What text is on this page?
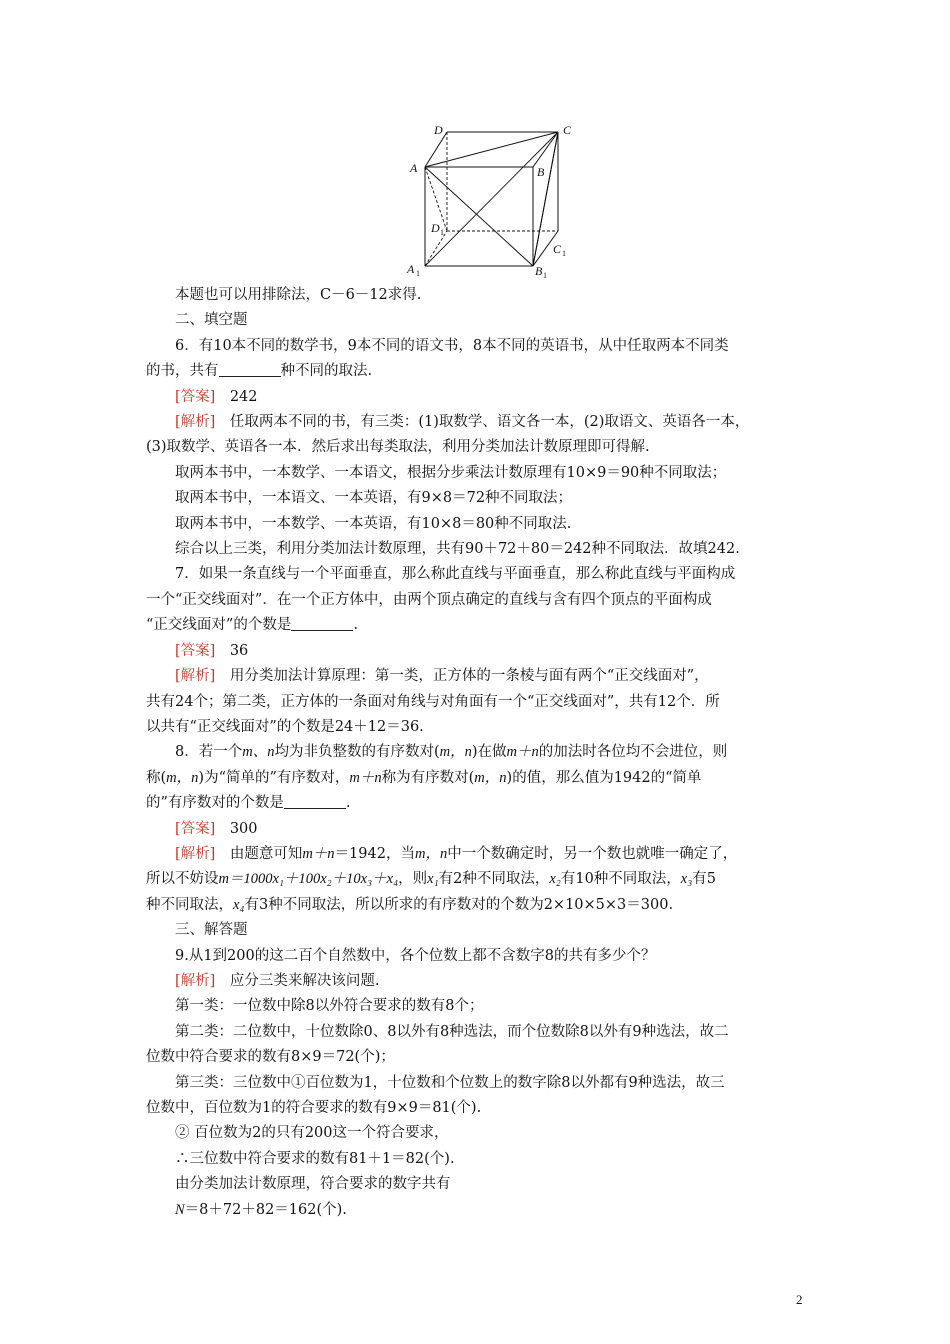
D	C
A	B
D 1
C 1
A 1	B 1

本题也可以用排除法，C－6－12求得.

二、填空题

6．有10本不同的数学书，9本不同的语文书，8本不同的英语书，从中任取两本不同类

的书，共有	种不同的取法.

[答案]　 242

[解析]　 任取两本不同的书，有三类：(1)取数学、语文各一本，(2)取语文、英语各一本，

(3)取数学、英语各一本．然后求出每类取法，利用分类加法计数原理即可得解.

取两本书中，一本数学、一本语文，根据分步乘法计数原理有10×9＝90种不同取法；

取两本书中，一本语文、一本英语，有9×8＝72种不同取法；

取两本书中，一本数学、一本英语，有10×8＝80种不同取法.

综合以上三类，利用分类加法计数原理，共有90＋72＋80＝242种不同取法．故填242.

7．如果一条直线与一个平面垂直，那么称此直线与平面垂直，那么称此直线与平面构成

一个“正交线面对”．在一个正方体中，由两个顶点确定的直线与含有四个顶点的平面构成

“正交线面对”的个数是	.

[答案]　 36

[解析]　 用分类加法计算原理：第一类，正方体的一条棱与面有两个“正交线面对”，

共有24个；第二类，正方体的一条面对角线与对角面有一个“正交线面对”，共有12个．所

以共有“正交线面对”的个数是24＋12＝36.

8．若一个m、n均为非负整数的有序数对(m，n)在做m＋n的加法时各位均不会进位，则

称(m，n)为“简单的”有序数对，m＋n称为有序数对(m，n)的值，那么值为1942的“简单

的”有序数对的个数是	.

[答案]　 300

[解析]　 由题意可知m＋n＝1942，当m，n中一个数确定时，另一个数也就唯一确定了，

所以不妨设m＝1000x₁＋100x₂＋10x₃＋x₄，则x₁有2种不同取法，x₂有10种不同取法，x₃有5

种不同取法，x₄有3种不同取法，所以所求的有序数对的个数为2×10×5×3＝300.

三、解答题

9.从1到200的这二百个自然数中，各个位数上都不含数字8的共有多少个？

[解析]　 应分三类来解决该问题.

第一类：一位数中除8以外符合要求的数有8个；

第二类：二位数中，十位数除0、8以外有8种选法，而个位数除8以外有9种选法，故二

位数中符合要求的数有8×9＝72(个)；

第三类：三位数中①百位数为1，十位数和个位数上的数字除8以外都有9种选法，故三

位数中，百位数为1的符合要求的数有9×9＝81(个).

② 百位数为2的只有200这一个符合要求，

∴三位数中符合要求的数有81＋1＝82(个).

由分类加法计数原理，符合要求的数字共有

N＝8＋72＋82＝162(个).

2
